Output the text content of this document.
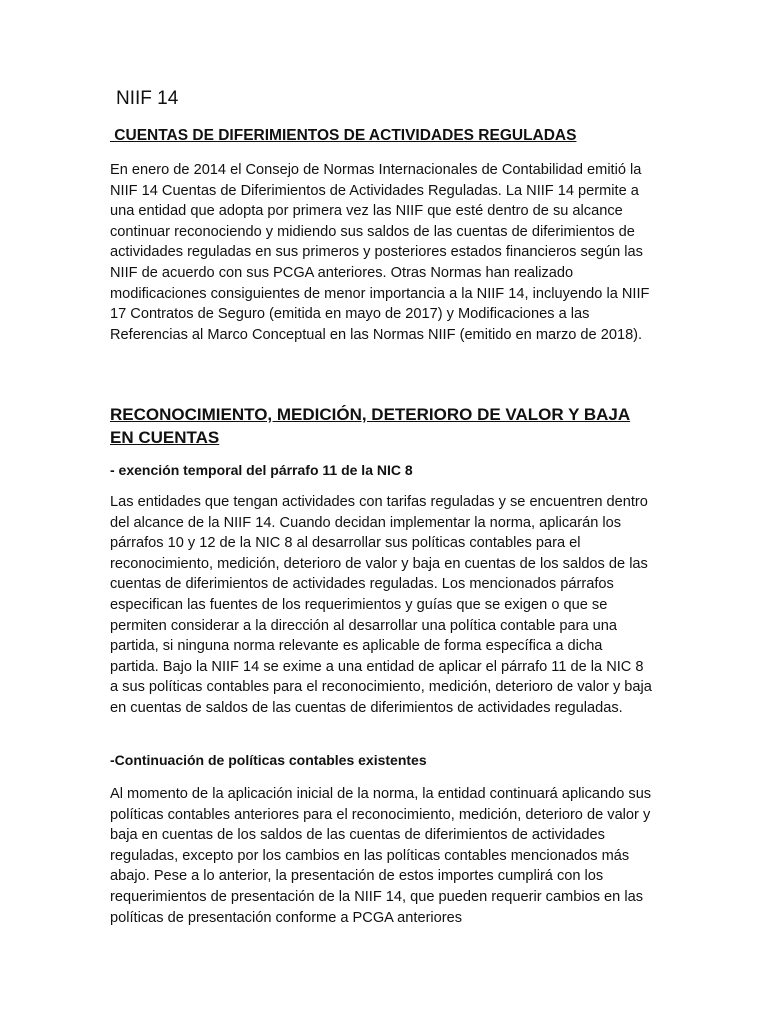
NIIF 14
CUENTAS DE DIFERIMIENTOS DE ACTIVIDADES REGULADAS

En enero de 2014 el Consejo de Normas Internacionales de Contabilidad emitió la NIIF 14 Cuentas de Diferimientos de Actividades Reguladas. La NIIF 14 permite a una entidad que adopta por primera vez las NIIF que esté dentro de su alcance continuar reconociendo y midiendo sus saldos de las cuentas de diferimientos de actividades reguladas en sus primeros y posteriores estados financieros según las NIIF de acuerdo con sus PCGA anteriores. Otras Normas han realizado modificaciones consiguientes de menor importancia a la NIIF 14, incluyendo la NIIF 17 Contratos de Seguro (emitida en mayo de 2017) y Modificaciones a las Referencias al Marco Conceptual en las Normas NIIF (emitido en marzo de 2018).

RECONOCIMIENTO, MEDICIÓN, DETERIORO DE VALOR Y BAJA EN CUENTAS
- exención temporal del párrafo 11 de la NIC 8

Las entidades que tengan actividades con tarifas reguladas y se encuentren dentro del alcance de la NIIF 14. Cuando decidan implementar la norma, aplicarán los párrafos 10 y 12 de la NIC 8 al desarrollar sus políticas contables para el reconocimiento, medición, deterioro de valor y baja en cuentas de los saldos de las cuentas de diferimientos de actividades reguladas. Los mencionados párrafos especifican las fuentes de los requerimientos y guías que se exigen o que se permiten considerar a la dirección al desarrollar una política contable para una partida, si ninguna norma relevante es aplicable de forma específica a dicha partida. Bajo la NIIF 14 se exime a una entidad de aplicar el párrafo 11 de la NIC 8 a sus políticas contables para el reconocimiento, medición, deterioro de valor y baja en cuentas de saldos de las cuentas de diferimientos de actividades reguladas.

-Continuación de políticas contables existentes

Al momento de la aplicación inicial de la norma, la entidad continuará aplicando sus políticas contables anteriores para el reconocimiento, medición, deterioro de valor y baja en cuentas de los saldos de las cuentas de diferimientos de actividades reguladas, excepto por los cambios en las políticas contables mencionados más abajo. Pese a lo anterior, la presentación de estos importes cumplirá con los requerimientos de presentación de la NIIF 14, que pueden requerir cambios en las políticas de presentación conforme a PCGA anteriores
